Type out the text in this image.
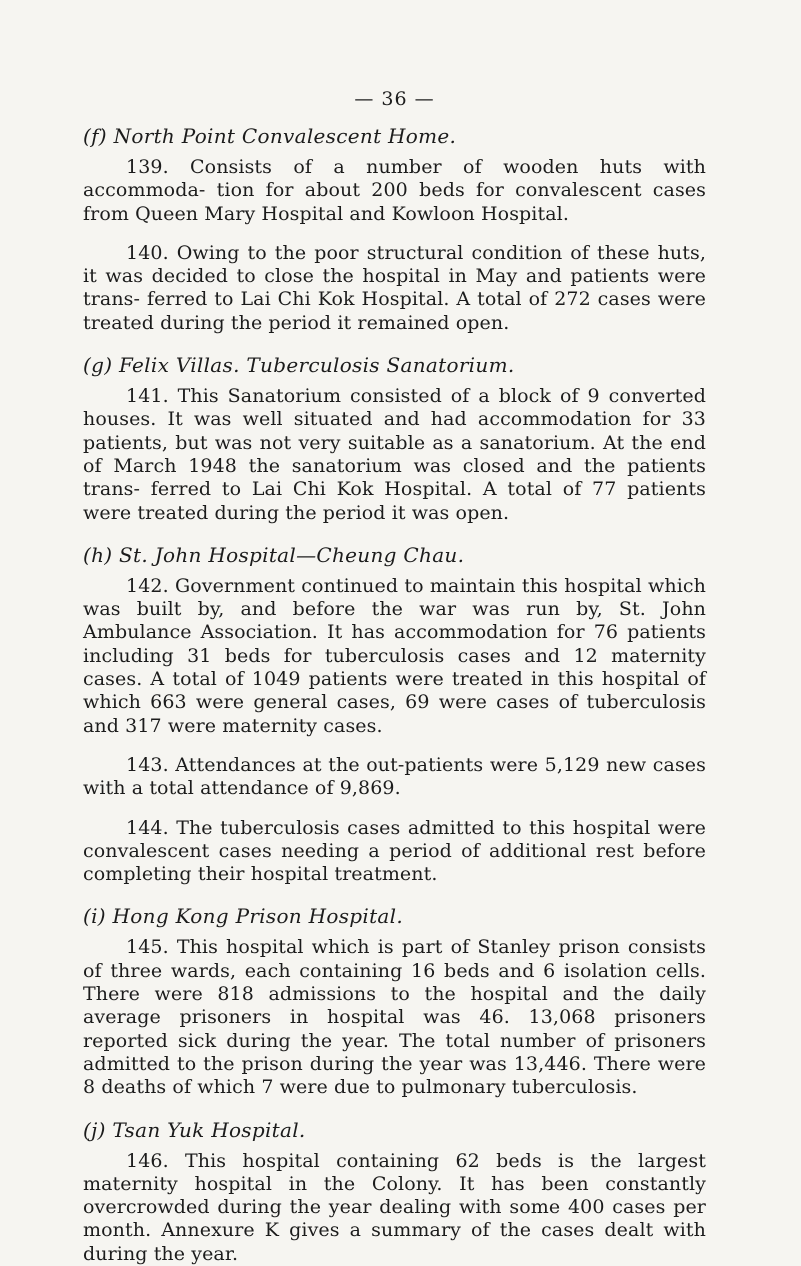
— 36 —
(f) North Point Convalescent Home.

139. Consists of a number of wooden huts with accommoda- tion for about 200 beds for convalescent cases from Queen Mary Hospital and Kowloon Hospital.

140. Owing to the poor structural condition of these huts, it was decided to close the hospital in May and patients were trans- ferred to Lai Chi Kok Hospital. A total of 272 cases were treated during the period it remained open.

(g) Felix Villas. Tuberculosis Sanatorium.

141. This Sanatorium consisted of a block of 9 converted houses. It was well situated and had accommodation for 33 patients, but was not very suitable as a sanatorium. At the end of March 1948 the sanatorium was closed and the patients trans- ferred to Lai Chi Kok Hospital. A total of 77 patients were treated during the period it was open.

(h) St. John Hospital—Cheung Chau.

142. Government continued to maintain this hospital which was built by, and before the war was run by, St. John Ambulance Association. It has accommodation for 76 patients including 31 beds for tuberculosis cases and 12 maternity cases. A total of 1049 patients were treated in this hospital of which 663 were general cases, 69 were cases of tuberculosis and 317 were maternity cases.

143. Attendances at the out-patients were 5,129 new cases with a total attendance of 9,869.

144. The tuberculosis cases admitted to this hospital were convalescent cases needing a period of additional rest before completing their hospital treatment.

(i) Hong Kong Prison Hospital.

145. This hospital which is part of Stanley prison consists of three wards, each containing 16 beds and 6 isolation cells. There were 818 admissions to the hospital and the daily average prisoners in hospital was 46. 13,068 prisoners reported sick during the year. The total number of prisoners admitted to the prison during the year was 13,446. There were 8 deaths of which 7 were due to pulmonary tuberculosis.

(j) Tsan Yuk Hospital.

146. This hospital containing 62 beds is the largest maternity hospital in the Colony. It has been constantly overcrowded during the year dealing with some 400 cases per month. Annexure K gives a summary of the cases dealt with during the year.
